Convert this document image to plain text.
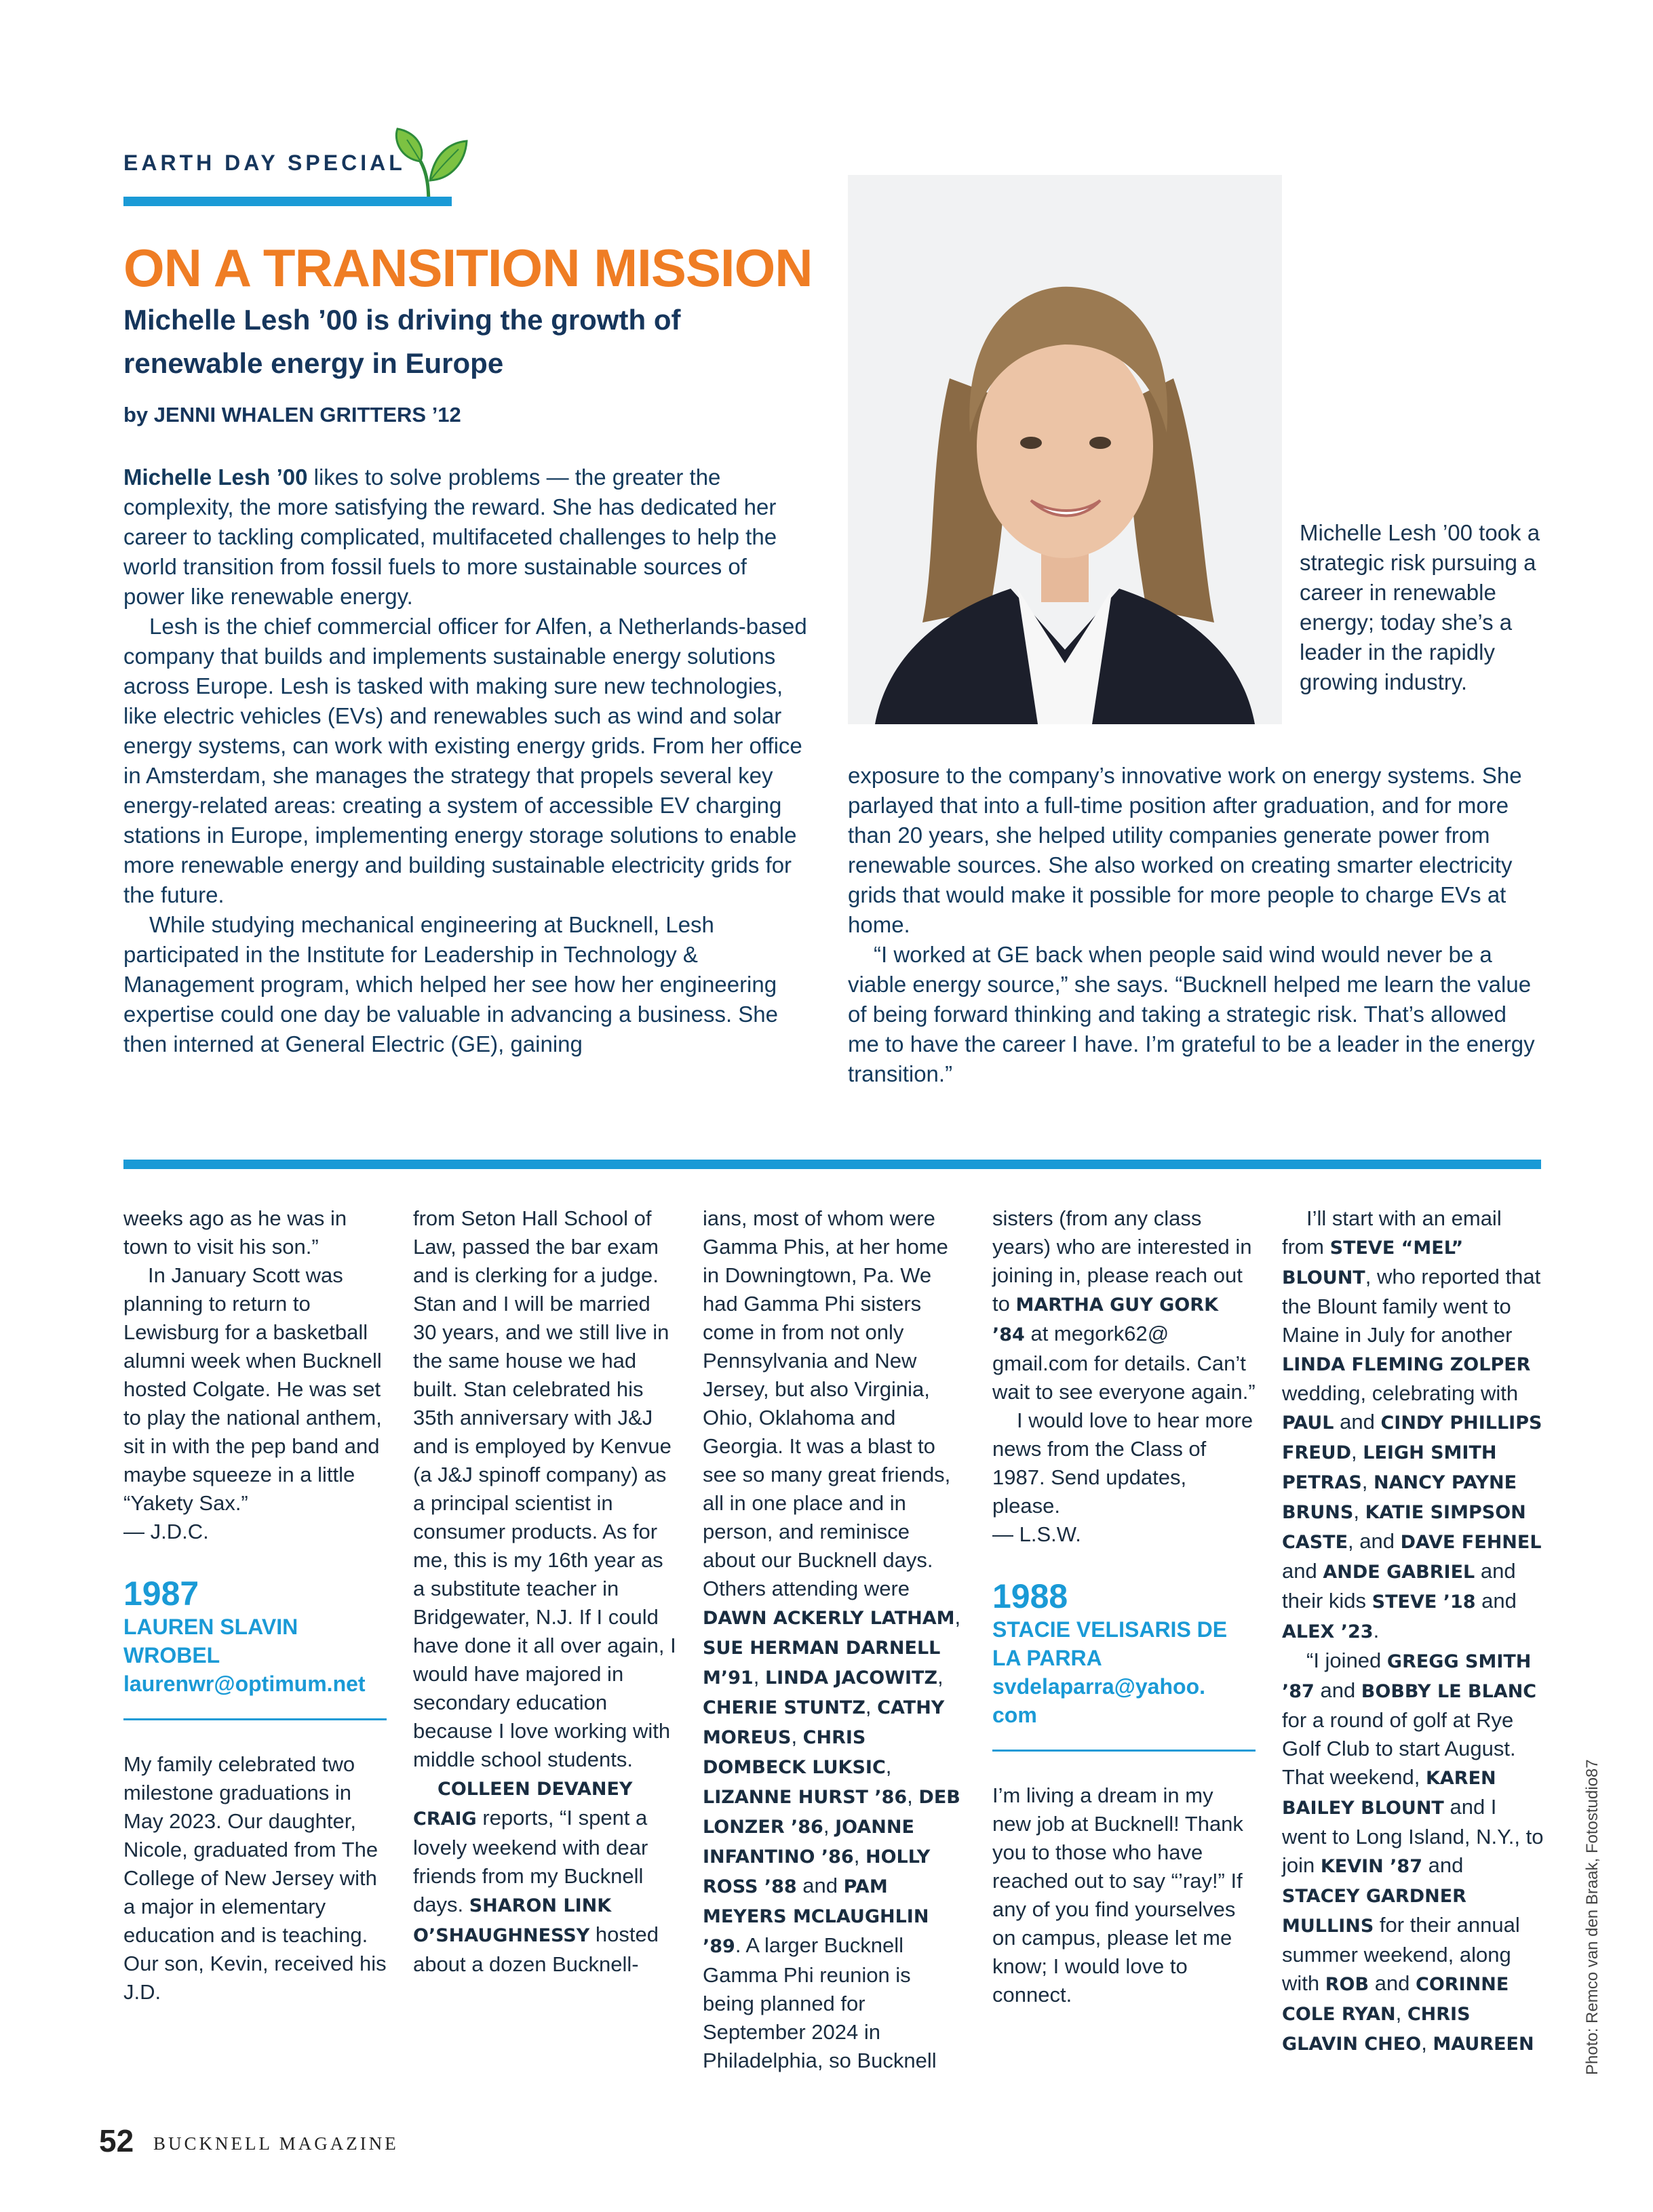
EARTH DAY SPECIAL
ON A TRANSITION MISSION
Michelle Lesh ’00 is driving the growth of renewable energy in Europe
by JENNI WHALEN GRITTERS ’12

Michelle Lesh ’00 likes to solve problems — the greater the complexity, the more satisfying the reward. She has dedicated her career to tackling complicated, multifaceted challenges to help the world transition from fossil fuels to more sustainable sources of power like renewable energy.

Lesh is the chief commercial officer for Alfen, a Netherlands-based company that builds and implements sustainable energy solutions across Europe. Lesh is tasked with making sure new technologies, like electric vehicles (EVs) and renewables such as wind and solar energy systems, can work with existing energy grids. From her office in Amsterdam, she manages the strategy that propels several key energy-related areas: creating a system of accessible EV charging stations in Europe, implementing energy storage solutions to enable more renewable energy and building sustainable electricity grids for the future.

While studying mechanical engineering at Bucknell, Lesh participated in the Institute for Leadership in Technology & Management program, which helped her see how her engineering expertise could one day be valuable in advancing a business. She then interned at General Electric (GE), gaining

Michelle Lesh ’00 took a strategic risk pursuing a career in renewable energy; today she’s a leader in the rapidly growing industry.

exposure to the company’s innovative work on energy systems. She parlayed that into a full-time position after graduation, and for more than 20 years, she helped utility companies generate power from renewable sources. She also worked on creating smarter electricity grids that would make it possible for more people to charge EVs at home.

“I worked at GE back when people said wind would never be a viable energy source,” she says. “Bucknell helped me learn the value of being forward thinking and taking a strategic risk. That’s allowed me to have the career I have. I’m grateful to be a leader in the energy transition.”

weeks ago as he was in town to visit his son.”

In January Scott was planning to return to Lewisburg for a basketball alumni week when Bucknell hosted Colgate. He was set to play the national anthem, sit in with the pep band and maybe squeeze in a little “Yakety Sax.”

— J.D.C.

1987
LAUREN SLAVIN WROBEL
laurenwr@optimum.net

My family celebrated two milestone graduations in May 2023. Our daughter, Nicole, graduated from The College of New Jersey with a major in elementary education and is teaching. Our son, Kevin, received his J.D.

from Seton Hall School of Law, passed the bar exam and is clerking for a judge. Stan and I will be married 30 years, and we still live in the same house we had built. Stan celebrated his 35th anniversary with J&J and is employed by Kenvue (a J&J spinoff company) as a principal scientist in consumer products. As for me, this is my 16th year as a substitute teacher in Bridgewater, N.J. If I could have done it all over again, I would have majored in secondary education because I love working with middle school students.

COLLEEN DEVANEY CRAIG reports, “I spent a lovely weekend with dear friends from my Bucknell days. SHARON LINK O’SHAUGHNESSY hosted about a dozen Bucknell-

ians, most of whom were Gamma Phis, at her home in Downingtown, Pa. We had Gamma Phi sisters come in from not only Pennsylvania and New Jersey, but also Virginia, Ohio, Oklahoma and Georgia. It was a blast to see so many great friends, all in one place and in person, and reminisce about our Bucknell days. Others attending were DAWN ACKERLY LATHAM, SUE HERMAN DARNELL M’91, LINDA JACOWITZ, CHERIE STUNTZ, CATHY MOREUS, CHRIS DOMBECK LUKSIC, LIZANNE HURST ’86, DEB LONZER ’86, JOANNE INFANTINO ’86, HOLLY ROSS ’88 and PAM MEYERS MCLAUGHLIN ’89. A larger Bucknell Gamma Phi reunion is being planned for September 2024 in Philadelphia, so Bucknell

sisters (from any class years) who are interested in joining in, please reach out to MARTHA GUY GORK ’84 at megork62@ gmail.com for details. Can’t wait to see everyone again.”

I would love to hear more news from the Class of 1987. Send updates, please.

— L.S.W.

1988
STACIE VELISARIS DE LA PARRA
svdelaparra@yahoo. com

I’m living a dream in my new job at Bucknell! Thank you to those who have reached out to say “’ray!” If any of you find yourselves on campus, please let me know; I would love to connect.

I’ll start with an email from STEVE “MEL” BLOUNT, who reported that the Blount family went to Maine in July for another LINDA FLEMING ZOLPER wedding, celebrating with PAUL and CINDY PHILLIPS FREUD, LEIGH SMITH PETRAS, NANCY PAYNE BRUNS, KATIE SIMPSON CASTE, and DAVE FEHNEL and ANDE GABRIEL and their kids STEVE ’18 and ALEX ’23.

“I joined GREGG SMITH ’87 and BOBBY LE BLANC for a round of golf at Rye Golf Club to start August. That weekend, KAREN BAILEY BLOUNT and I went to Long Island, N.Y., to join KEVIN ’87 and STACEY GARDNER MULLINS for their annual summer weekend, along with ROB and CORINNE COLE RYAN, CHRIS GLAVIN CHEO, MAUREEN	Photo: Remco van den Braak, Fotostudio87
52 BUCKNELL MAGAZINE
